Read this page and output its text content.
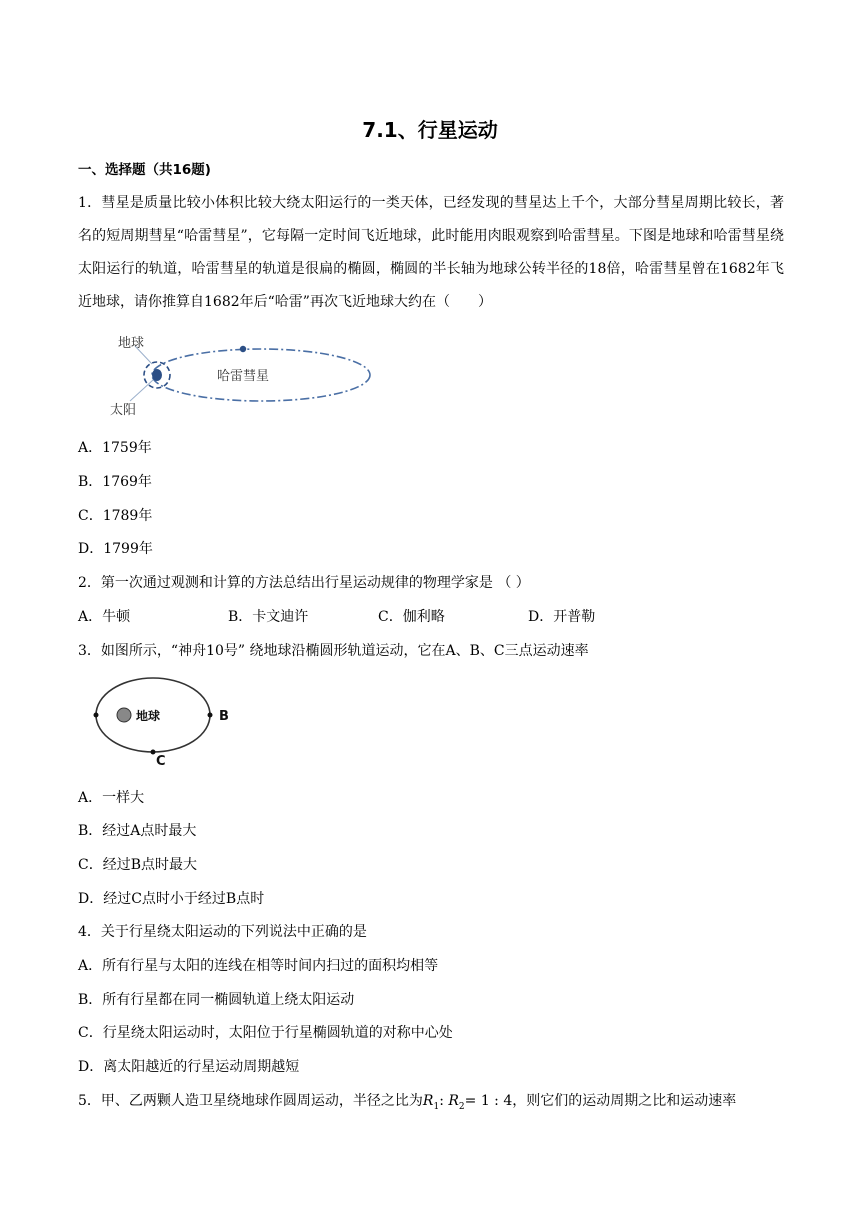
7.1、行星运动
一、选择题（共16题)
1．彗星是质量比较小体积比较大绕太阳运行的一类天体，已经发现的彗星达上千个，大部分彗星周期比较长，著名的短周期彗星“哈雷彗星”，它每隔一定时间飞近地球，此时能用肉眼观察到哈雷彗星。下图是地球和哈雷彗星绕太阳运行的轨道，哈雷彗星的轨道是很扁的椭圆，椭圆的半长轴为地球公转半径的18倍，哈雷彗星曾在1682年飞近地球，请你推算自1682年后“哈雷”再次飞近地球大约在（　　）
地球
太阳
哈雷彗星
A．1759年
B．1769年
C．1789年
D．1799年
2．第一次通过观测和计算的方法总结出行星运动规律的物理学家是 （ ）
A．牛顿	B．卡文迪许	C．伽利略	D．开普勒
3．如图所示，“神舟10号” 绕地球沿椭圆形轨道运动，它在A、B、C三点运动速率
地球	B
C
A．一样大
B．经过A点时最大
C．经过B点时最大
D．经过C点时小于经过B点时
4．关于行星绕太阳运动的下列说法中正确的是
A．所有行星与太阳的连线在相等时间内扫过的面积均相等
B．所有行星都在同一椭圆轨道上绕太阳运动
C．行星绕太阳运动时，太阳位于行星椭圆轨道的对称中心处
D．离太阳越近的行星运动周期越短
5．甲、乙两颗人造卫星绕地球作圆周运动，半径之比为$R_1$: $R_2= 1$ : 4，则它们的运动周期之比和运动速率
